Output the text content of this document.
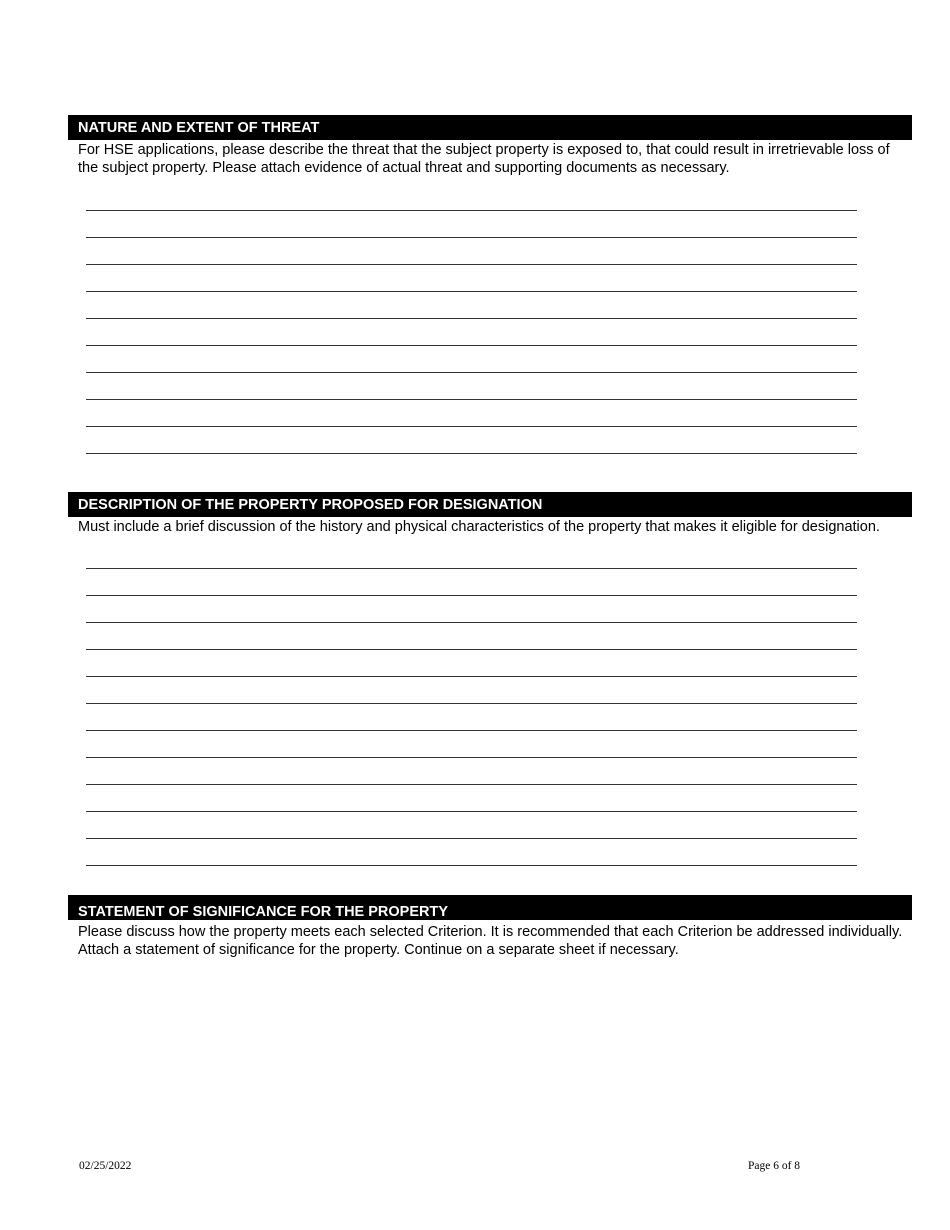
NATURE AND EXTENT OF THREAT
For HSE applications, please describe the threat that the subject property is exposed to, that could result in irretrievable loss of the subject property. Please attach evidence of actual threat and supporting documents as necessary.
DESCRIPTION OF THE PROPERTY PROPOSED FOR DESIGNATION
Must include a brief discussion of the history and physical characteristics of the property that makes it eligible for designation.
STATEMENT OF SIGNIFICANCE FOR THE PROPERTY
Please discuss how the property meets each selected Criterion. It is recommended that each Criterion be addressed individually. Attach a statement of significance for the property. Continue on a separate sheet if necessary.
02/25/2022	Page 6 of 8
